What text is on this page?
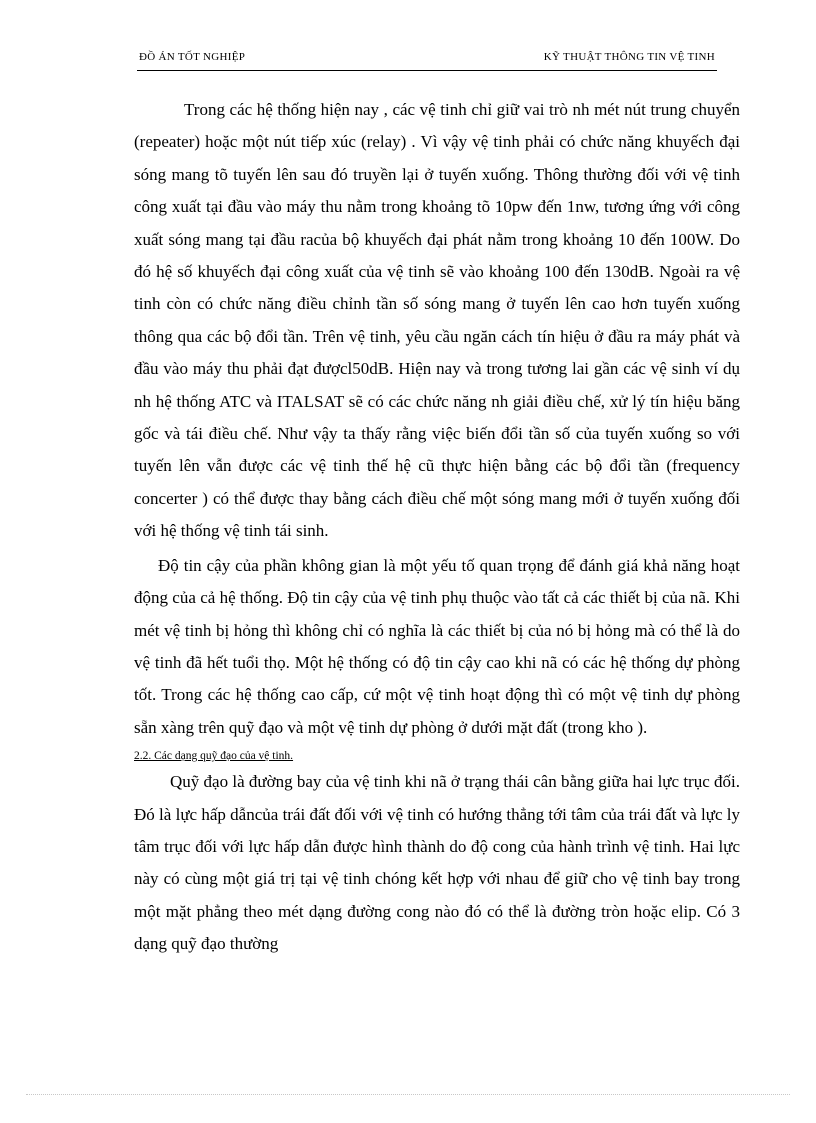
ĐỒ ÁN TỐT NGHIỆP	KỸ THUẬT THÔNG TIN VỆ TINH

Trong các hệ thống hiện nay , các vệ tinh chỉ giữ vai trò nh mét nút trung chuyển (repeater) hoặc một nút tiếp xúc (relay) . Vì vậy vệ tinh phải có chức năng khuyếch đại sóng mang tõ tuyến lên sau đó truyền lại ở tuyến xuống. Thông thường đối với vệ tinh công xuất tại đầu vào máy thu nằm trong khoảng tõ 10pw đến 1nw, tương ứng với công xuất sóng mang tại đầu racủa bộ khuyếch đại phát nằm trong khoảng 10 đến 100W. Do đó hệ số khuyếch đại công xuất của vệ tinh sẽ vào khoảng 100 đến 130dB. Ngoài ra vệ tinh còn có chức năng điều chỉnh tần số sóng mang ở tuyến lên cao hơn tuyến xuống thông qua các bộ đổi tần. Trên vệ tinh, yêu cầu ngăn cách tín hiệu ở đầu ra máy phát và đầu vào máy thu phải đạt đượcl50dB. Hiện nay và trong tương lai gần các vệ sinh ví dụ nh hệ thống ATC và ITALSAT sẽ có các chức năng nh giải điều chế, xử lý tín hiệu băng gốc và tái điều chế. Như vậy ta thấy rằng việc biến đổi tần số của tuyến xuống so với tuyến lên vẫn được các vệ tinh thế hệ cũ thực hiện bằng các bộ đổi tần (frequency concerter ) có thể được thay bằng cách điều chế một sóng mang mới ở tuyến xuống đối với hệ thống vệ tinh tái sinh.

Độ tin cậy của phần không gian là một yếu tố quan trọng để đánh giá khả năng hoạt động của cả hệ thống. Độ tin cậy của vệ tinh phụ thuộc vào tất cả các thiết bị của nã. Khi mét vệ tinh bị hỏng thì không chỉ có nghĩa là các thiết bị của nó bị hỏng mà có thể là do vệ tinh đã hết tuổi thọ. Một hệ thống có độ tin cậy cao khi nã có các hệ thống dự phòng tốt. Trong các hệ thống cao cấp, cứ một vệ tinh hoạt động thì có một vệ tinh dự phòng sẵn xàng trên quỹ đạo và một vệ tinh dự phòng ở dưới mặt đất (trong kho ).

2.2. Các dạng quỹ đạo của vệ tinh.

Quỹ đạo là đường bay của vệ tinh khi nã ở trạng thái cân bằng giữa hai lực trục đối. Đó là lực hấp dẫncủa trái đất đối với vệ tinh có hướng thẳng tới tâm của trái đất và lực ly tâm trục đối với lực hấp dẫn được hình thành do độ cong của hành trình vệ tinh. Hai lực này có cùng một giá trị tại vệ tinh chóng kết hợp với nhau để giữ cho vệ tinh bay trong một mặt phẳng theo mét dạng đường cong nào đó có thể là đường tròn hoặc elip. Có 3 dạng quỹ đạo thường
